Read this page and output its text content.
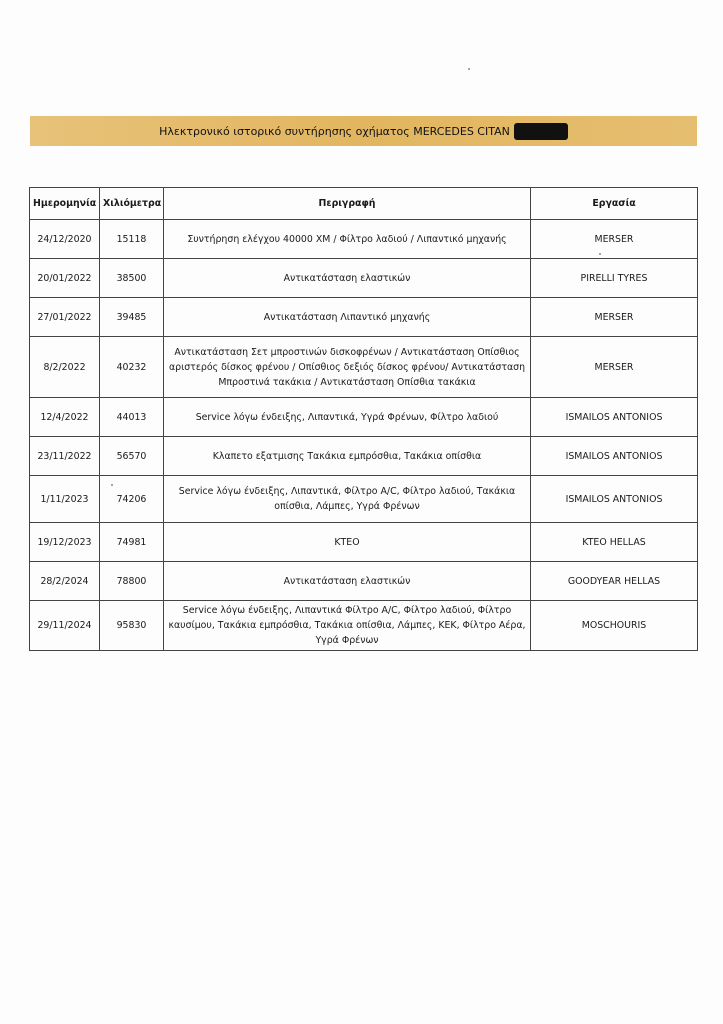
Ηλεκτρονικό ιστορικό συντήρησης οχήματος MERCEDES CITAN
Ημερομηνία	Χιλιόμετρα	Περιγραφή	Εργασία
24/12/2020	15118	Συντήρηση ελέγχου 40000 ΧΜ / Φίλτρο λαδιού / Λιπαντικό μηχανής	MERSER
20/01/2022	38500	Αντικατάσταση ελαστικών	PIRELLI TYRES
27/01/2022	39485	Αντικατάσταση Λιπαντικό μηχανής	MERSER
8/2/2022	40232	Αντικατάσταση Σετ μπροστινών δισκοφρένων / Αντικατάσταση Οπίσθιος αριστερός δίσκος φρένου / Οπίσθιος δεξιός δίσκος φρένου/ Αντικατάσταση Μπροστινά τακάκια / Αντικατάσταση Οπίσθια τακάκια	MERSER
12/4/2022	44013	Service λόγω ένδειξης, Λιπαντικά, Υγρά Φρένων, Φίλτρο λαδιού	ISMAILOS ANTONIOS
23/11/2022	56570	Κλαπετο εξατμισης Τακάκια εμπρόσθια, Τακάκια οπίσθια	ISMAILOS ANTONIOS
1/11/2023	74206	Service λόγω ένδειξης, Λιπαντικά, Φίλτρο A/C, Φίλτρο λαδιού, Τακάκια οπίσθια, Λάμπες, Υγρά Φρένων	ISMAILOS ANTONIOS
19/12/2023	74981	ΚΤΕΟ	KTEO HELLAS
28/2/2024	78800	Αντικατάσταση ελαστικών	GOODYEAR HELLAS
29/11/2024	95830	Service λόγω ένδειξης, Λιπαντικά Φίλτρο A/C, Φίλτρο λαδιού, Φίλτρο καυσίμου, Τακάκια εμπρόσθια, Τακάκια οπίσθια, Λάμπες, ΚΕΚ, Φίλτρο Αέρα, Υγρά Φρένων	MOSCHOURIS
